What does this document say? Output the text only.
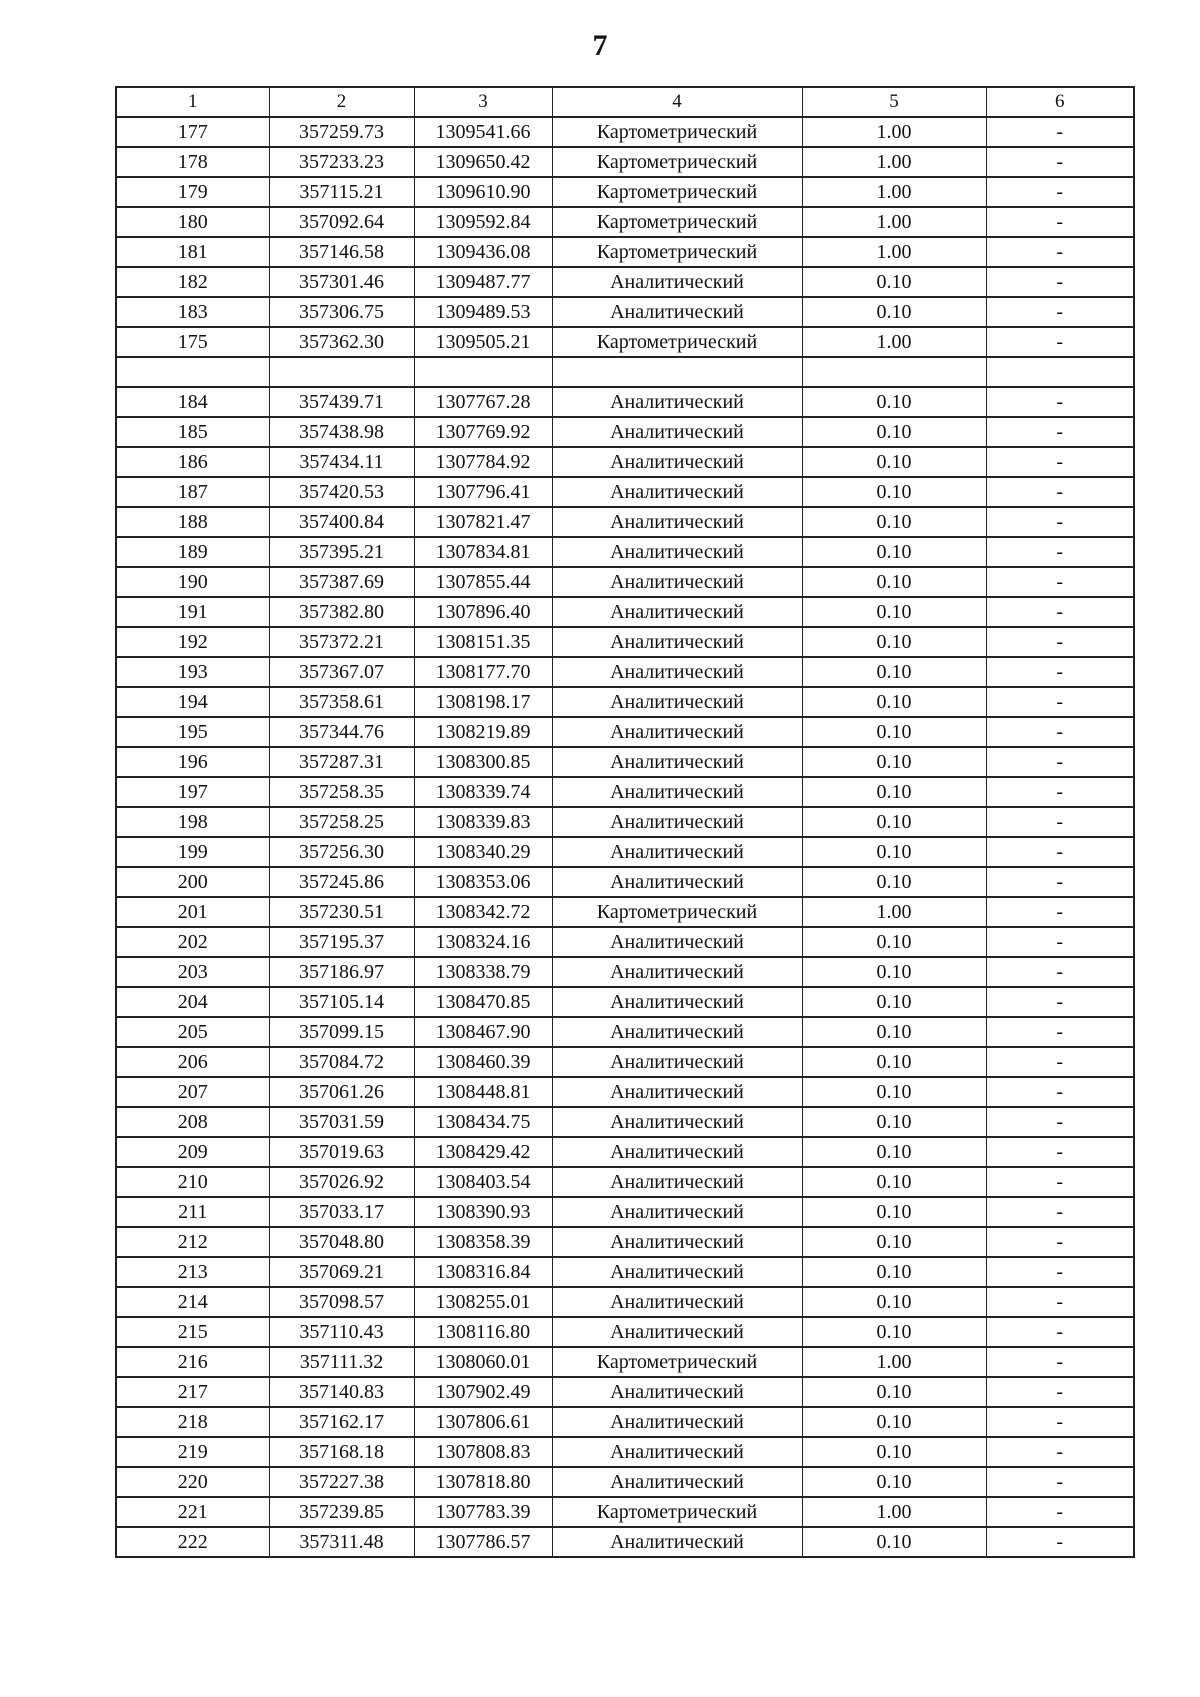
7
1	2	3	4	5	6
177	357259.73	1309541.66	Картометрический	1.00	-
178	357233.23	1309650.42	Картометрический	1.00	-
179	357115.21	1309610.90	Картометрический	1.00	-
180	357092.64	1309592.84	Картометрический	1.00	-
181	357146.58	1309436.08	Картометрический	1.00	-
182	357301.46	1309487.77	Аналитический	0.10	-
183	357306.75	1309489.53	Аналитический	0.10	-
175	357362.30	1309505.21	Картометрический	1.00	-

184	357439.71	1307767.28	Аналитический	0.10	-
185	357438.98	1307769.92	Аналитический	0.10	-
186	357434.11	1307784.92	Аналитический	0.10	-
187	357420.53	1307796.41	Аналитический	0.10	-
188	357400.84	1307821.47	Аналитический	0.10	-
189	357395.21	1307834.81	Аналитический	0.10	-
190	357387.69	1307855.44	Аналитический	0.10	-
191	357382.80	1307896.40	Аналитический	0.10	-
192	357372.21	1308151.35	Аналитический	0.10	-
193	357367.07	1308177.70	Аналитический	0.10	-
194	357358.61	1308198.17	Аналитический	0.10	-
195	357344.76	1308219.89	Аналитический	0.10	-
196	357287.31	1308300.85	Аналитический	0.10	-
197	357258.35	1308339.74	Аналитический	0.10	-
198	357258.25	1308339.83	Аналитический	0.10	-
199	357256.30	1308340.29	Аналитический	0.10	-
200	357245.86	1308353.06	Аналитический	0.10	-
201	357230.51	1308342.72	Картометрический	1.00	-
202	357195.37	1308324.16	Аналитический	0.10	-
203	357186.97	1308338.79	Аналитический	0.10	-
204	357105.14	1308470.85	Аналитический	0.10	-
205	357099.15	1308467.90	Аналитический	0.10	-
206	357084.72	1308460.39	Аналитический	0.10	-
207	357061.26	1308448.81	Аналитический	0.10	-
208	357031.59	1308434.75	Аналитический	0.10	-
209	357019.63	1308429.42	Аналитический	0.10	-
210	357026.92	1308403.54	Аналитический	0.10	-
211	357033.17	1308390.93	Аналитический	0.10	-
212	357048.80	1308358.39	Аналитический	0.10	-
213	357069.21	1308316.84	Аналитический	0.10	-
214	357098.57	1308255.01	Аналитический	0.10	-
215	357110.43	1308116.80	Аналитический	0.10	-
216	357111.32	1308060.01	Картометрический	1.00	-
217	357140.83	1307902.49	Аналитический	0.10	-
218	357162.17	1307806.61	Аналитический	0.10	-
219	357168.18	1307808.83	Аналитический	0.10	-
220	357227.38	1307818.80	Аналитический	0.10	-
221	357239.85	1307783.39	Картометрический	1.00	-
222	357311.48	1307786.57	Аналитический	0.10	-
